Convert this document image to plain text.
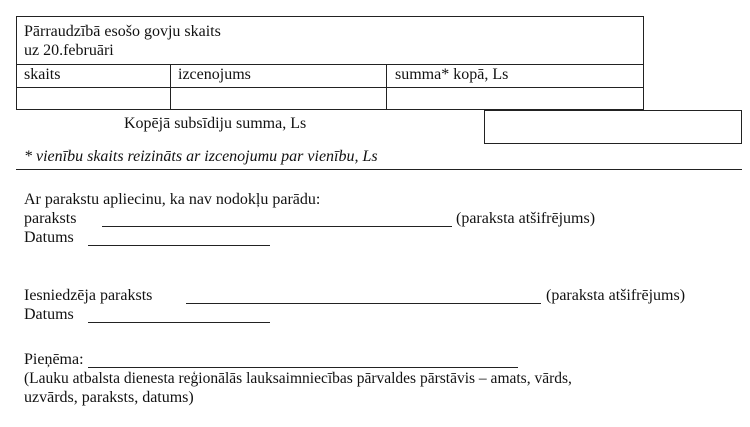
Pārraudzībā esošo govju skaits
uz 20.februāri
skaits	izcenojums	summa* kopā, Ls
Kopējā subsīdiju summa, Ls
* vienību skaits reizināts ar izcenojumu par vienību, Ls
Ar parakstu apliecinu, ka nav nodokļu parādu:
paraksts	(paraksta atšifrējums)
Datums
Iesniedzēja paraksts	(paraksta atšifrējums)
Datums
Pieņēma:
(Lauku atbalsta dienesta reģionālās lauksaimniecības pārvaldes pārstāvis – amats, vārds,
uzvārds, paraksts, datums)
